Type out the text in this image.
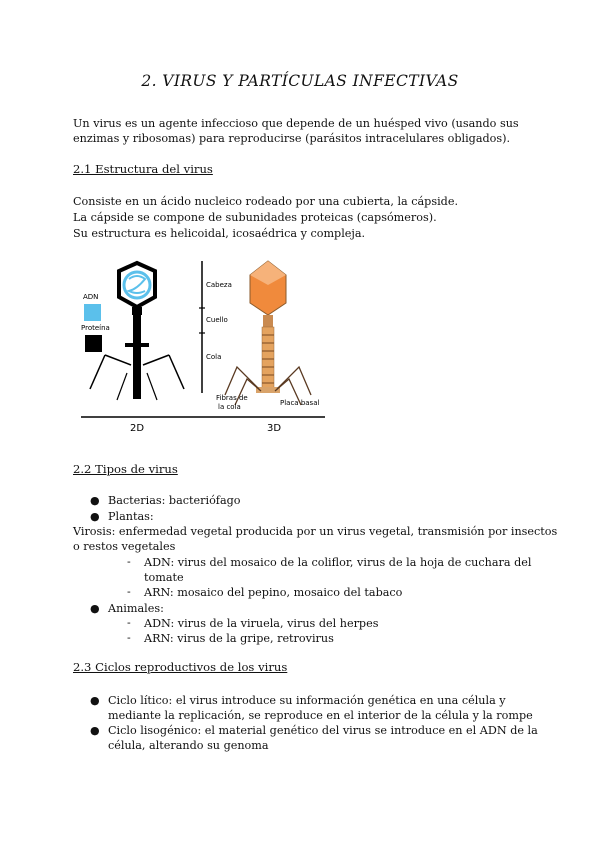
2. VIRUS Y PARTÍCULAS INFECTIVAS
Un virus es un agente infeccioso que depende de un huésped vivo (usando sus
enzimas y ribosomas) para reproducirse (parásitos intracelulares obligados).
2.1 Estructura del virus
Consiste en un ácido nucleico rodeado por una cubierta, la cápside.
La cápside se compone de subunidades proteicas (capsómeros).
Su estructura es helicoidal, icosaédrica y compleja.
ADN
Proteína
2D
Cabeza
Cuello
Cola
Fibras de
la cola	Placa basal
3D
2.2 Tipos de virus
● Bacterias: bacteriófago
● Plantas:
Virosis: enfermedad vegetal producida por un virus vegetal, transmisión por insectos
o restos vegetales
- ADN: virus del mosaico de la coliflor, virus de la hoja de cuchara del
tomate
- ARN: mosaico del pepino, mosaico del tabaco
● Animales:
- ADN: virus de la viruela, virus del herpes
- ARN: virus de la gripe, retrovirus
2.3 Ciclos reproductivos de los virus
● Ciclo lítico: el virus introduce su información genética en una célula y
mediante la replicación, se reproduce en el interior de la célula y la rompe
● Ciclo lisogénico: el material genético del virus se introduce en el ADN de la
célula, alterando su genoma
